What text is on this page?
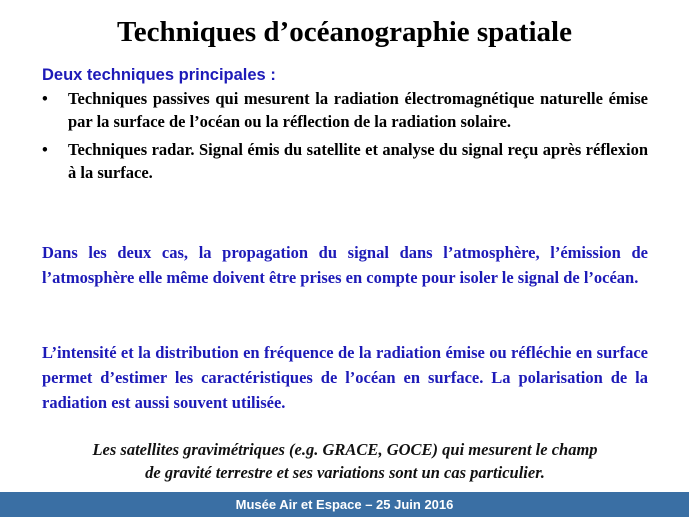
Techniques d’océanographie spatiale
Deux techniques principales :
• Techniques passives qui mesurent la radiation électromagnétique naturelle émise par la surface de l’océan ou la réflection de la radiation solaire.
• Techniques radar. Signal émis du satellite et analyse du signal reçu après réflexion à la surface.
Dans les deux cas, la propagation du signal dans l’atmosphère, l’émission de l’atmosphère elle même doivent être prises en compte pour isoler le signal de l’océan.
L’intensité et la distribution en fréquence de la radiation émise ou réfléchie en surface permet d’estimer les caractéristiques de l’océan en surface. La polarisation de la radiation est aussi souvent utilisée.
Les satellites gravimétriques (e.g. GRACE, GOCE) qui mesurent le champ
de gravité terrestre et ses variations sont un cas particulier.
Musée Air et Espace – 25 Juin 2016
